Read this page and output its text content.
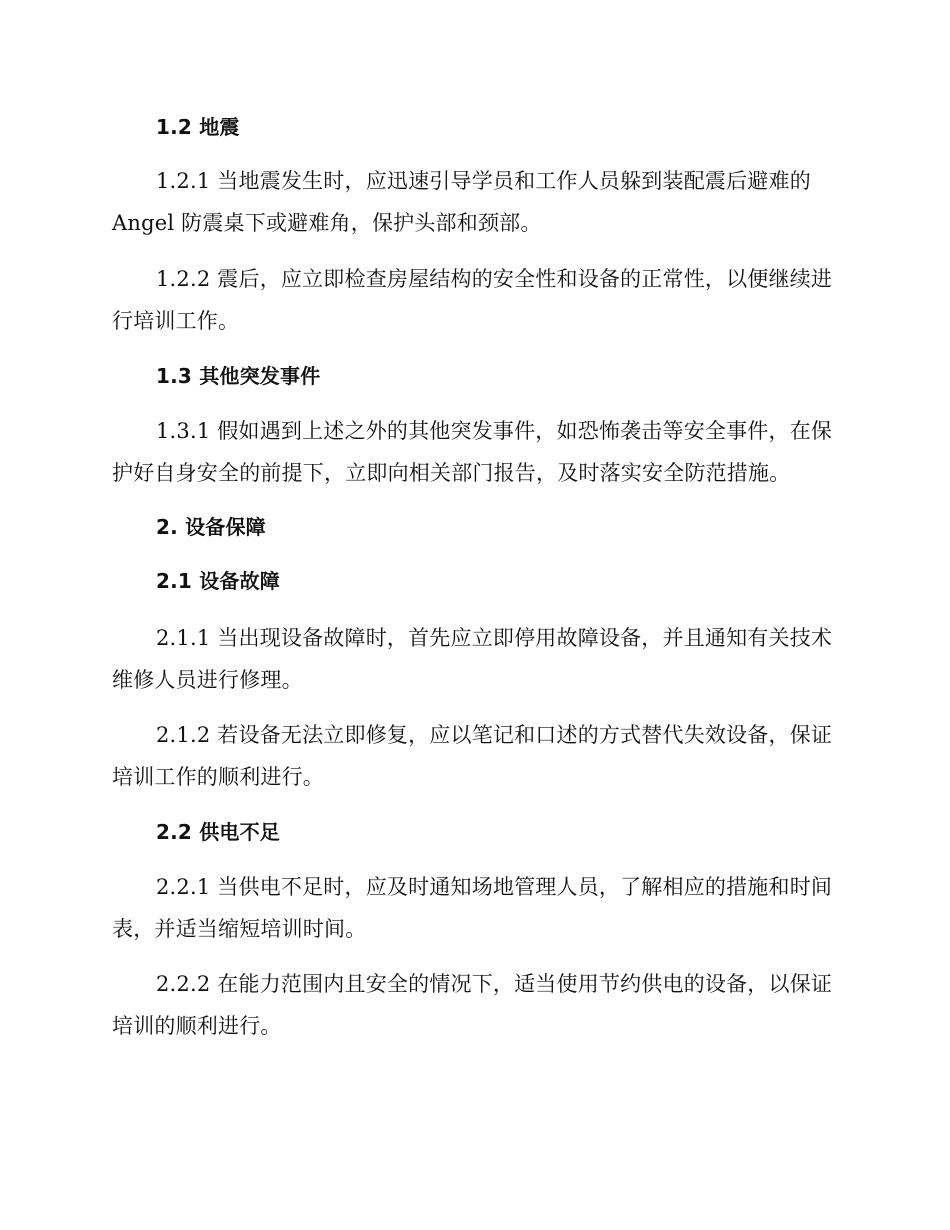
1.2 地震
1.2.1 当地震发生时，应迅速引导学员和工作人员躲到装配震后避难的
Angel 防震桌下或避难角，保护头部和颈部。
1.2.2 震后，应立即检查房屋结构的安全性和设备的正常性，以便继续进
行培训工作。
1.3 其他突发事件
1.3.1 假如遇到上述之外的其他突发事件，如恐怖袭击等安全事件，在保
护好自身安全的前提下，立即向相关部门报告，及时落实安全防范措施。
2. 设备保障
2.1 设备故障
2.1.1 当出现设备故障时，首先应立即停用故障设备，并且通知有关技术
维修人员进行修理。
2.1.2 若设备无法立即修复，应以笔记和口述的方式替代失效设备，保证
培训工作的顺利进行。
2.2 供电不足
2.2.1 当供电不足时，应及时通知场地管理人员，了解相应的措施和时间
表，并适当缩短培训时间。
2.2.2 在能力范围内且安全的情况下，适当使用节约供电的设备，以保证
培训的顺利进行。
